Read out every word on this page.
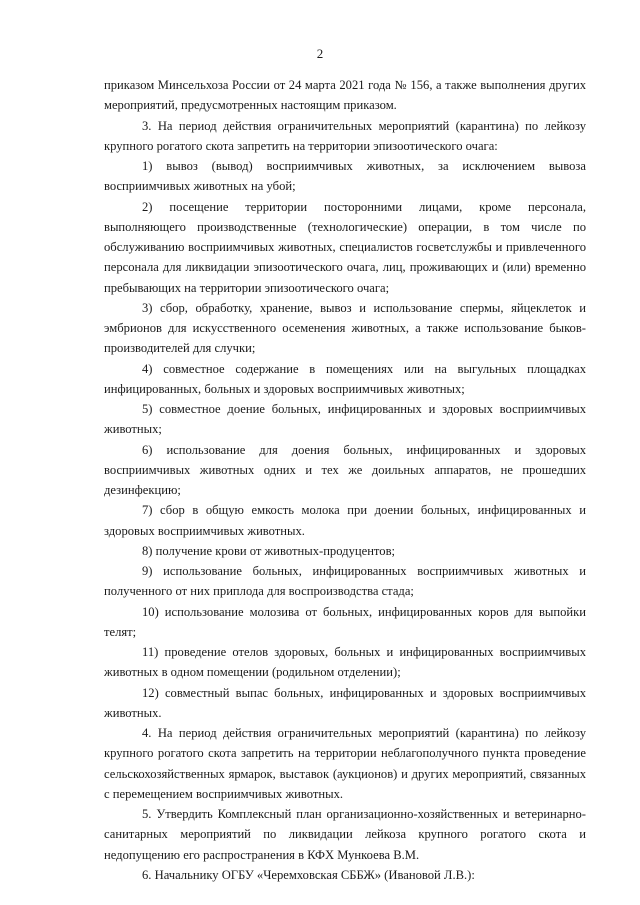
2

приказом Минсельхоза России от 24 марта 2021 года № 156, а также выполнения других мероприятий, предусмотренных настоящим приказом.

3. На период действия ограничительных мероприятий (карантина) по лейкозу крупного рогатого скота запретить на территории эпизоотического очага:

1) вывоз (вывод) восприимчивых животных, за исключением вывоза восприимчивых животных на убой;

2) посещение территории посторонними лицами, кроме персонала, выполняющего производственные (технологические) операции, в том числе по обслуживанию восприимчивых животных, специалистов госветслужбы и привлеченного персонала для ликвидации эпизоотического очага, лиц, проживающих и (или) временно пребывающих на территории эпизоотического очага;

3) сбор, обработку, хранение, вывоз и использование спермы, яйцеклеток и эмбрионов для искусственного осеменения животных, а также использование быков-производителей для случки;

4) совместное содержание в помещениях или на выгульных площадках инфицированных, больных и здоровых восприимчивых животных;

5) совместное доение больных, инфицированных и здоровых восприимчивых животных;

6) использование для доения больных, инфицированных и здоровых восприимчивых животных одних и тех же доильных аппаратов, не прошедших дезинфекцию;

7) сбор в общую емкость молока при доении больных, инфицированных и здоровых восприимчивых животных.

8) получение крови от животных-продуцентов;

9) использование больных, инфицированных восприимчивых животных и полученного от них приплода для воспроизводства стада;

10) использование молозива от больных, инфицированных коров для выпойки телят;

11) проведение отелов здоровых, больных и инфицированных восприимчивых животных в одном помещении (родильном отделении);

12) совместный выпас больных, инфицированных и здоровых восприимчивых животных.

4. На период действия ограничительных мероприятий (карантина) по лейкозу крупного рогатого скота запретить на территории неблагополучного пункта проведение сельскохозяйственных ярмарок, выставок (аукционов) и других мероприятий, связанных с перемещением восприимчивых животных.

5. Утвердить Комплексный план организационно-хозяйственных и ветеринарно-санитарных мероприятий по ликвидации лейкоза крупного рогатого скота и недопущению его распространения в КФХ Мункоева В.М.

6. Начальнику ОГБУ «Черемховская СББЖ» (Ивановой Л.В.):
